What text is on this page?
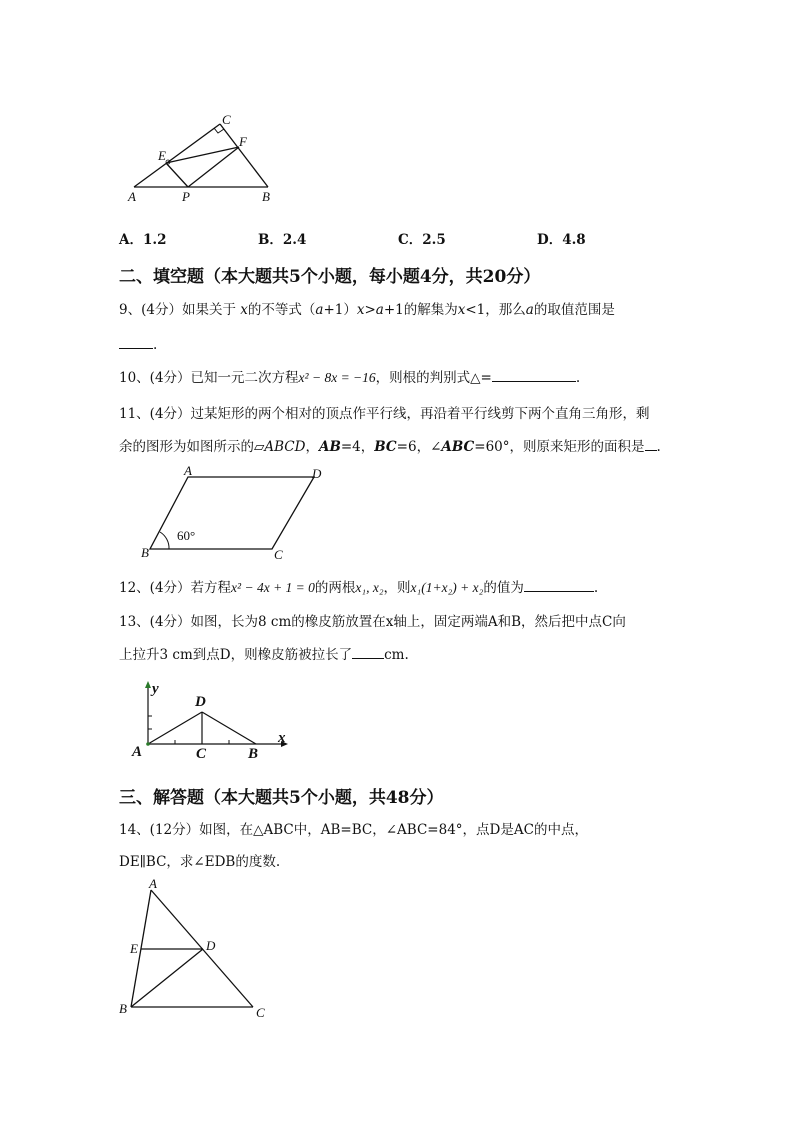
A	B
C
E
F
P
A．1.2	B．2.4	C．2.5	D．4.8
二、填空题（本大题共5个小题，每小题4分，共20分）
9、(4分）如果关于 x的不等式（a+1）x>a+1的解集为x<1，那么a的取值范围是
.
10、(4分）已知一元二次方程x² − 8x = −16，则根的判别式△=	.
11、(4分）过某矩形的两个相对的顶点作平行线，再沿着平行线剪下两个直角三角形，剩
余的图形为如图所示的▱ABCD，AB=4，BC=6，∠ABC=60°，则原来矩形的面积是 .
A	D
B	C
60°
12、(4分）若方程x² − 4x + 1 = 0的两根x₁, x₂，则x₁(1+x₂) + x₂的值为	.
13、(4分）如图，长为8 cm的橡皮筋放置在x轴上，固定两端A和B，然后把中点C向
上拉升3 cm到点D，则橡皮筋被拉长了 cm.
y
x
A	C	B
D
三、解答题（本大题共5个小题，共48分）
14、(12分）如图，在△ABC中，AB=BC，∠ABC=84°，点D是AC的中点，
DE∥BC，求∠EDB的度数.
A
E	D
B	C
